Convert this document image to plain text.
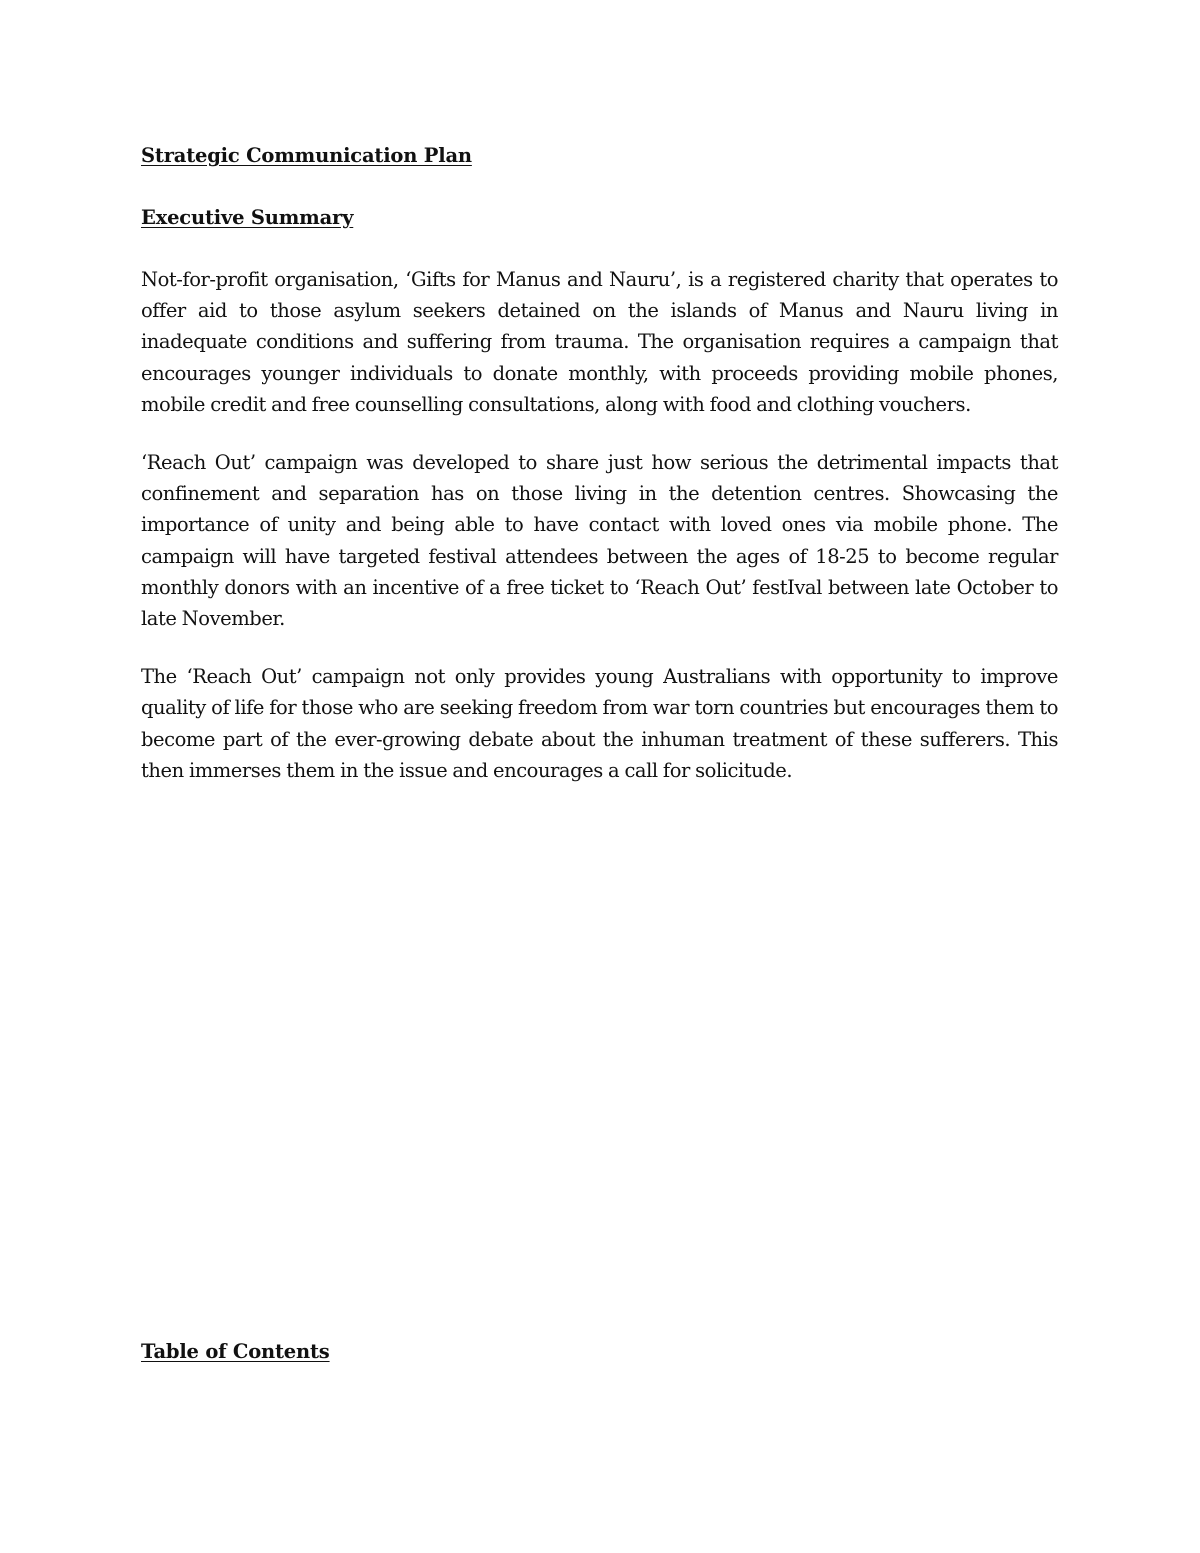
Strategic Communication Plan
Executive Summary

Not-for-profit organisation, ‘Gifts for Manus and Nauru’, is a registered charity that operates to offer aid to those asylum seekers detained on the islands of Manus and Nauru living in inadequate conditions and suffering from trauma. The organisation requires a campaign that encourages younger individuals to donate monthly, with proceeds providing mobile phones, mobile credit and free counselling consultations, along with food and clothing vouchers.

‘Reach Out’ campaign was developed to share just how serious the detrimental impacts that confinement and separation has on those living in the detention centres. Showcasing the importance of unity and being able to have contact with loved ones via mobile phone. The campaign will have targeted festival attendees between the ages of 18-25 to become regular monthly donors with an incentive of a free ticket to ‘Reach Out’ festIval between late October to late November.

The ‘Reach Out’ campaign not only provides young Australians with opportunity to improve quality of life for those who are seeking freedom from war torn countries but encourages them to become part of the ever-growing debate about the inhuman treatment of these sufferers. This then immerses them in the issue and encourages a call for solicitude.

Table of Contents
